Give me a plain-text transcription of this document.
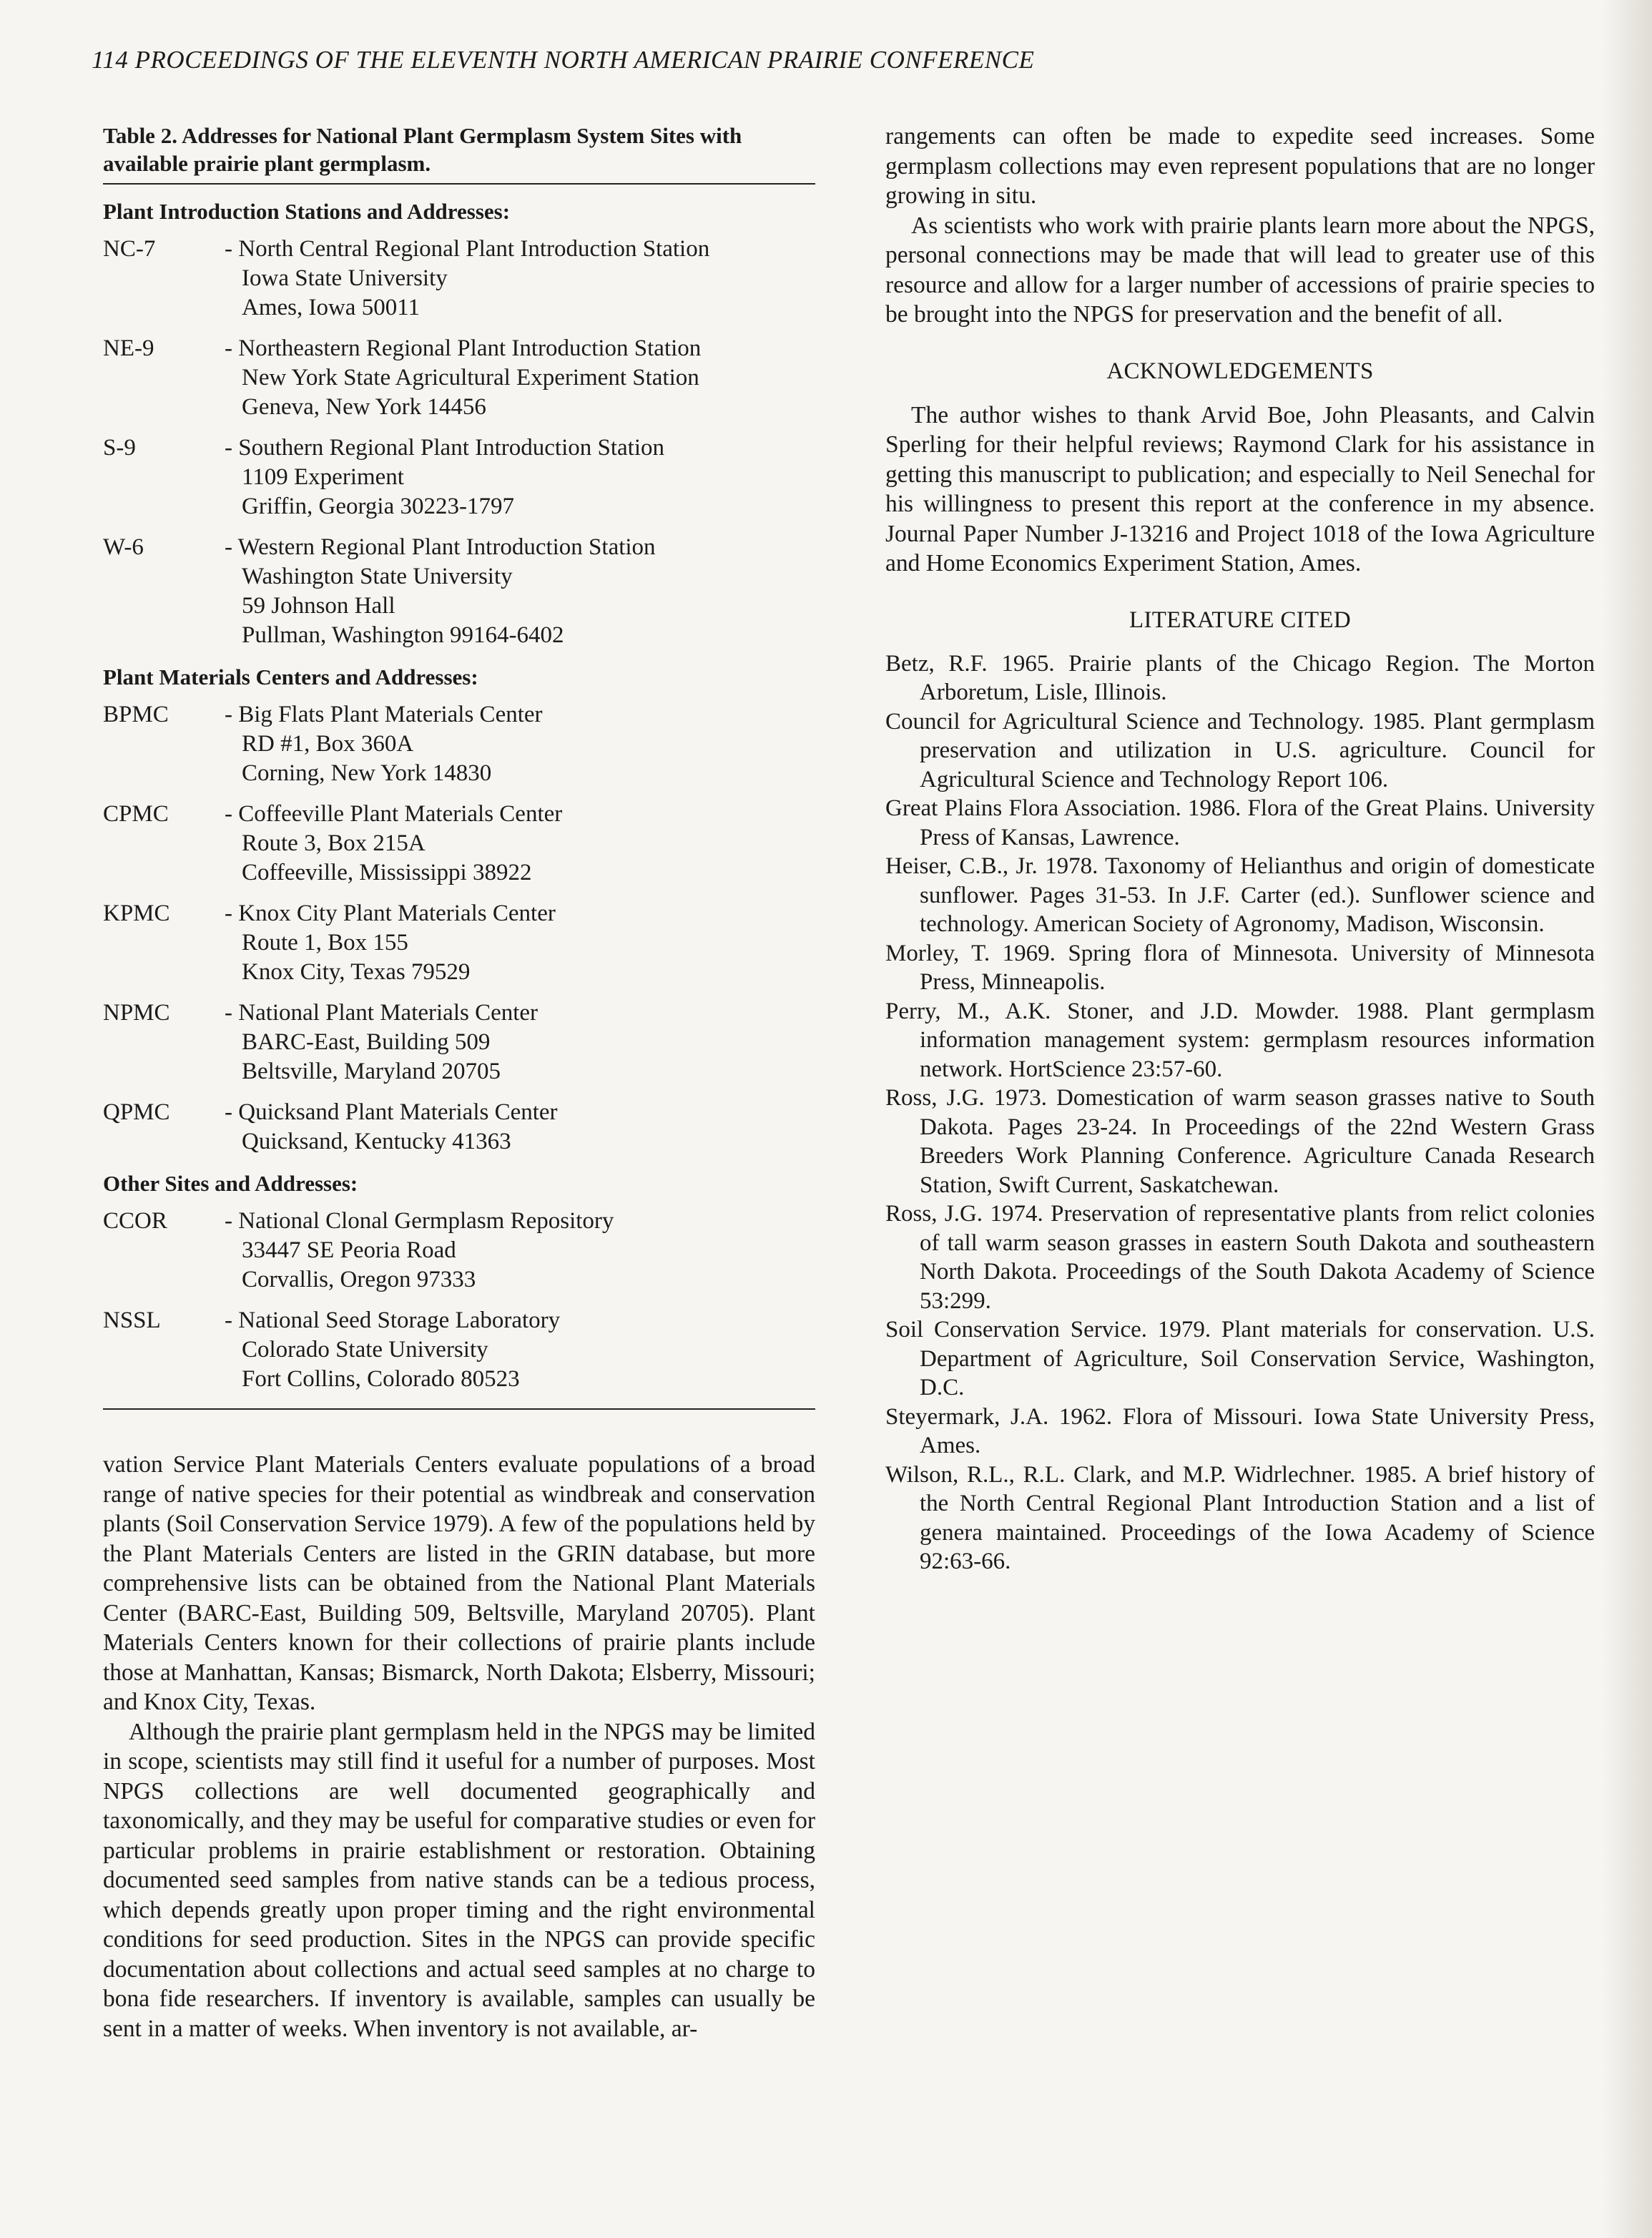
114 PROCEEDINGS OF THE ELEVENTH NORTH AMERICAN PRAIRIE CONFERENCE
Table 2. Addresses for National Plant Germplasm System Sites with available prairie plant germplasm.
Plant Introduction Stations and Addresses:
NC-7	- North Central Regional Plant Introduction Station
Iowa State University
Ames, Iowa 50011
NE-9	- Northeastern Regional Plant Introduction Station
New York State Agricultural Experiment Station
Geneva, New York 14456
S-9	- Southern Regional Plant Introduction Station
1109 Experiment
Griffin, Georgia 30223-1797
W-6	- Western Regional Plant Introduction Station
Washington State University
59 Johnson Hall
Pullman, Washington 99164-6402
Plant Materials Centers and Addresses:
BPMC	- Big Flats Plant Materials Center
RD #1, Box 360A
Corning, New York 14830
CPMC	- Coffeeville Plant Materials Center
Route 3, Box 215A
Coffeeville, Mississippi 38922
KPMC	- Knox City Plant Materials Center
Route 1, Box 155
Knox City, Texas 79529
NPMC	- National Plant Materials Center
BARC-East, Building 509
Beltsville, Maryland 20705
QPMC	- Quicksand Plant Materials Center
Quicksand, Kentucky 41363
Other Sites and Addresses:
CCOR	- National Clonal Germplasm Repository
33447 SE Peoria Road
Corvallis, Oregon 97333
NSSL	- National Seed Storage Laboratory
Colorado State University
Fort Collins, Colorado 80523

vation Service Plant Materials Centers evaluate populations of a broad range of native species for their potential as windbreak and conservation plants (Soil Conservation Service 1979). A few of the populations held by the Plant Materials Centers are listed in the GRIN database, but more comprehensive lists can be obtained from the National Plant Materials Center (BARC-East, Building 509, Beltsville, Maryland 20705). Plant Materials Centers known for their collections of prairie plants include those at Manhattan, Kansas; Bismarck, North Dakota; Elsberry, Missouri; and Knox City, Texas.

Although the prairie plant germplasm held in the NPGS may be limited in scope, scientists may still find it useful for a number of purposes. Most NPGS collections are well documented geographically and taxonomically, and they may be useful for comparative studies or even for particular problems in prairie establishment or restoration. Obtaining documented seed samples from native stands can be a tedious process, which depends greatly upon proper timing and the right environmental conditions for seed production. Sites in the NPGS can provide specific documentation about collections and actual seed samples at no charge to bona fide researchers. If inventory is available, samples can usually be sent in a matter of weeks. When inventory is not available, ar-

rangements can often be made to expedite seed increases. Some germplasm collections may even represent populations that are no longer growing in situ.

As scientists who work with prairie plants learn more about the NPGS, personal connections may be made that will lead to greater use of this resource and allow for a larger number of accessions of prairie species to be brought into the NPGS for preservation and the benefit of all.

ACKNOWLEDGEMENTS

The author wishes to thank Arvid Boe, John Pleasants, and Calvin Sperling for their helpful reviews; Raymond Clark for his assistance in getting this manuscript to publication; and especially to Neil Senechal for his willingness to present this report at the conference in my absence. Journal Paper Number J-13216 and Project 1018 of the Iowa Agriculture and Home Economics Experiment Station, Ames.

LITERATURE CITED

Betz, R.F. 1965. Prairie plants of the Chicago Region. The Morton Arboretum, Lisle, Illinois.

Council for Agricultural Science and Technology. 1985. Plant germplasm preservation and utilization in U.S. agriculture. Council for Agricultural Science and Technology Report 106.

Great Plains Flora Association. 1986. Flora of the Great Plains. University Press of Kansas, Lawrence.

Heiser, C.B., Jr. 1978. Taxonomy of Helianthus and origin of domesticate sunflower. Pages 31-53. In J.F. Carter (ed.). Sunflower science and technology. American Society of Agronomy, Madison, Wisconsin.

Morley, T. 1969. Spring flora of Minnesota. University of Minnesota Press, Minneapolis.

Perry, M., A.K. Stoner, and J.D. Mowder. 1988. Plant germplasm information management system: germplasm resources information network. HortScience 23:57-60.

Ross, J.G. 1973. Domestication of warm season grasses native to South Dakota. Pages 23-24. In Proceedings of the 22nd Western Grass Breeders Work Planning Conference. Agriculture Canada Research Station, Swift Current, Saskatchewan.

Ross, J.G. 1974. Preservation of representative plants from relict colonies of tall warm season grasses in eastern South Dakota and southeastern North Dakota. Proceedings of the South Dakota Academy of Science 53:299.

Soil Conservation Service. 1979. Plant materials for conservation. U.S. Department of Agriculture, Soil Conservation Service, Washington, D.C.

Steyermark, J.A. 1962. Flora of Missouri. Iowa State University Press, Ames.

Wilson, R.L., R.L. Clark, and M.P. Widrlechner. 1985. A brief history of the North Central Regional Plant Introduction Station and a list of genera maintained. Proceedings of the Iowa Academy of Science 92:63-66.
